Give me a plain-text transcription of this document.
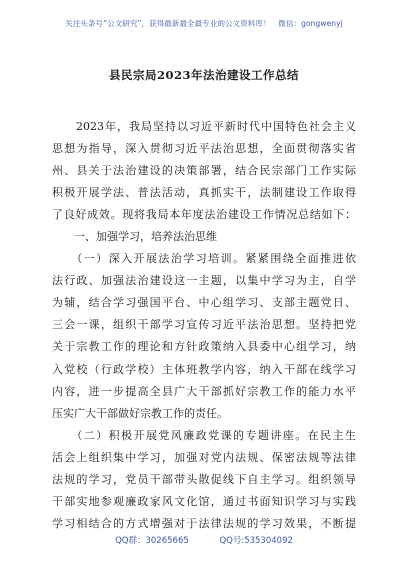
关注头条号“公文研究”，获得最新最全最专业的公文资料库！　微信：gongwenyj
县民宗局2023年法治建设工作总结
　　2023年，我局坚持以习近平新时代中国特色社会主义
思想为指导，深入贯彻习近平法治思想，全面贯彻落实省
州、县关于法治建设的决策部署，结合民宗部门工作实际
积极开展学法、普法活动，真抓实干，法制建设工作取得
了良好成效。现将我局本年度法治建设工作情况总结如下：
　　一、加强学习，培养法治思维
　　（一）深入开展法治学习培训。紧紧围绕全面推进依
法行政、加强法治建设这一主题，以集中学习为主，自学
为辅，结合学习强国平台、中心组学习、支部主题党日、
三会一课，组织干部学习宣传习近平法治思想。坚持把党
关于宗教工作的理论和方针政策纳入县委中心组学习，纳
入党校（行政学校）主体班教学内容，纳入干部在线学习
内容，进一步提高全县广大干部抓好宗教工作的能力水平
压实广大干部做好宗教工作的责任。
　　（二）积极开展党风廉政党课的专题讲座。在民主生
活会上组织集中学习，加强对党内法规、保密法规等法律
法规的学习，党员干部带头散促线下自主学习。组织领导
干部实地参观廉政家风文化馆，通过书面知识学习与实践
学习相结合的方式增强对于法律法规的学习效果，不断提
QQ群：30265665	QQ号:535304092
